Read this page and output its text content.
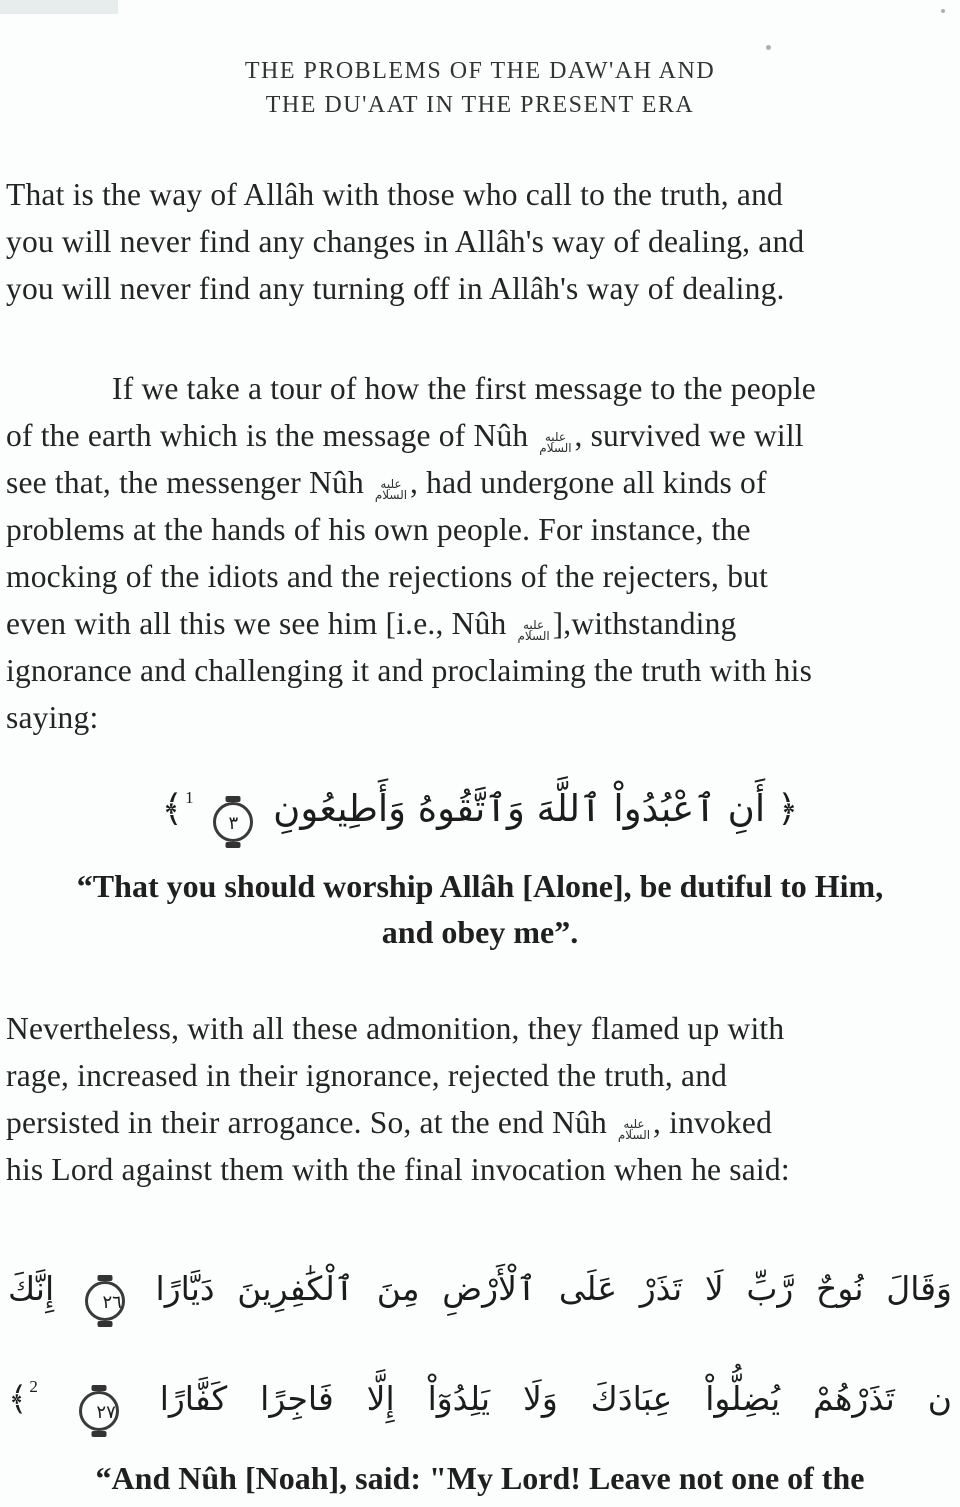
THE PROBLEMS OF THE DAW'AH AND
THE DU'AAT IN THE PRESENT ERA
That is the way of Allâh with those who call to the truth, and
you will never find any changes in Allâh's way of dealing, and
you will never find any turning off in Allâh's way of dealing.
If we take a tour of how the first message to the people
of the earth which is the message of Nûh عليه السلام, survived we will
see that, the messenger Nûh عليه السلام, had undergone all kinds of
problems at the hands of his own people. For instance, the
mocking of the idiots and the rejections of the rejecters, but
even with all this we see him [i.e., Nûh عليه السلام],withstanding
ignorance and challenging it and proclaiming the truth with his
saying:
﴿ أَنِ ٱعْبُدُواْ ٱللَّهَ وَٱتَّقُوهُ وَأَطِيعُونِ ٣ ﴾ $^1$
“That you should worship Allâh [Alone], be dutiful to Him,
and obey me”.
Nevertheless, with all these admonition, they flamed up with
rage, increased in their ignorance, rejected the truth, and
persisted in their arrogance. So, at the end Nûh عليه السلام, invoked
his Lord against them with the final invocation when he said:
وَقَالَ نُوحٌ رَّبِّ لَا تَذَرْ عَلَى ٱلْأَرْضِ مِنَ ٱلْكَٰفِرِينَ دَيَّارًا ٢٦ إِنَّكَ
ن تَذَرْهُمْ يُضِلُّواْ عِبَادَكَ وَلَا يَلِدُوٓاْ إِلَّا فَاجِرًا كَفَّارًا ٢٧ ﴾ $^2$
“And Nûh [Noah], said: "My Lord! Leave not one of the
